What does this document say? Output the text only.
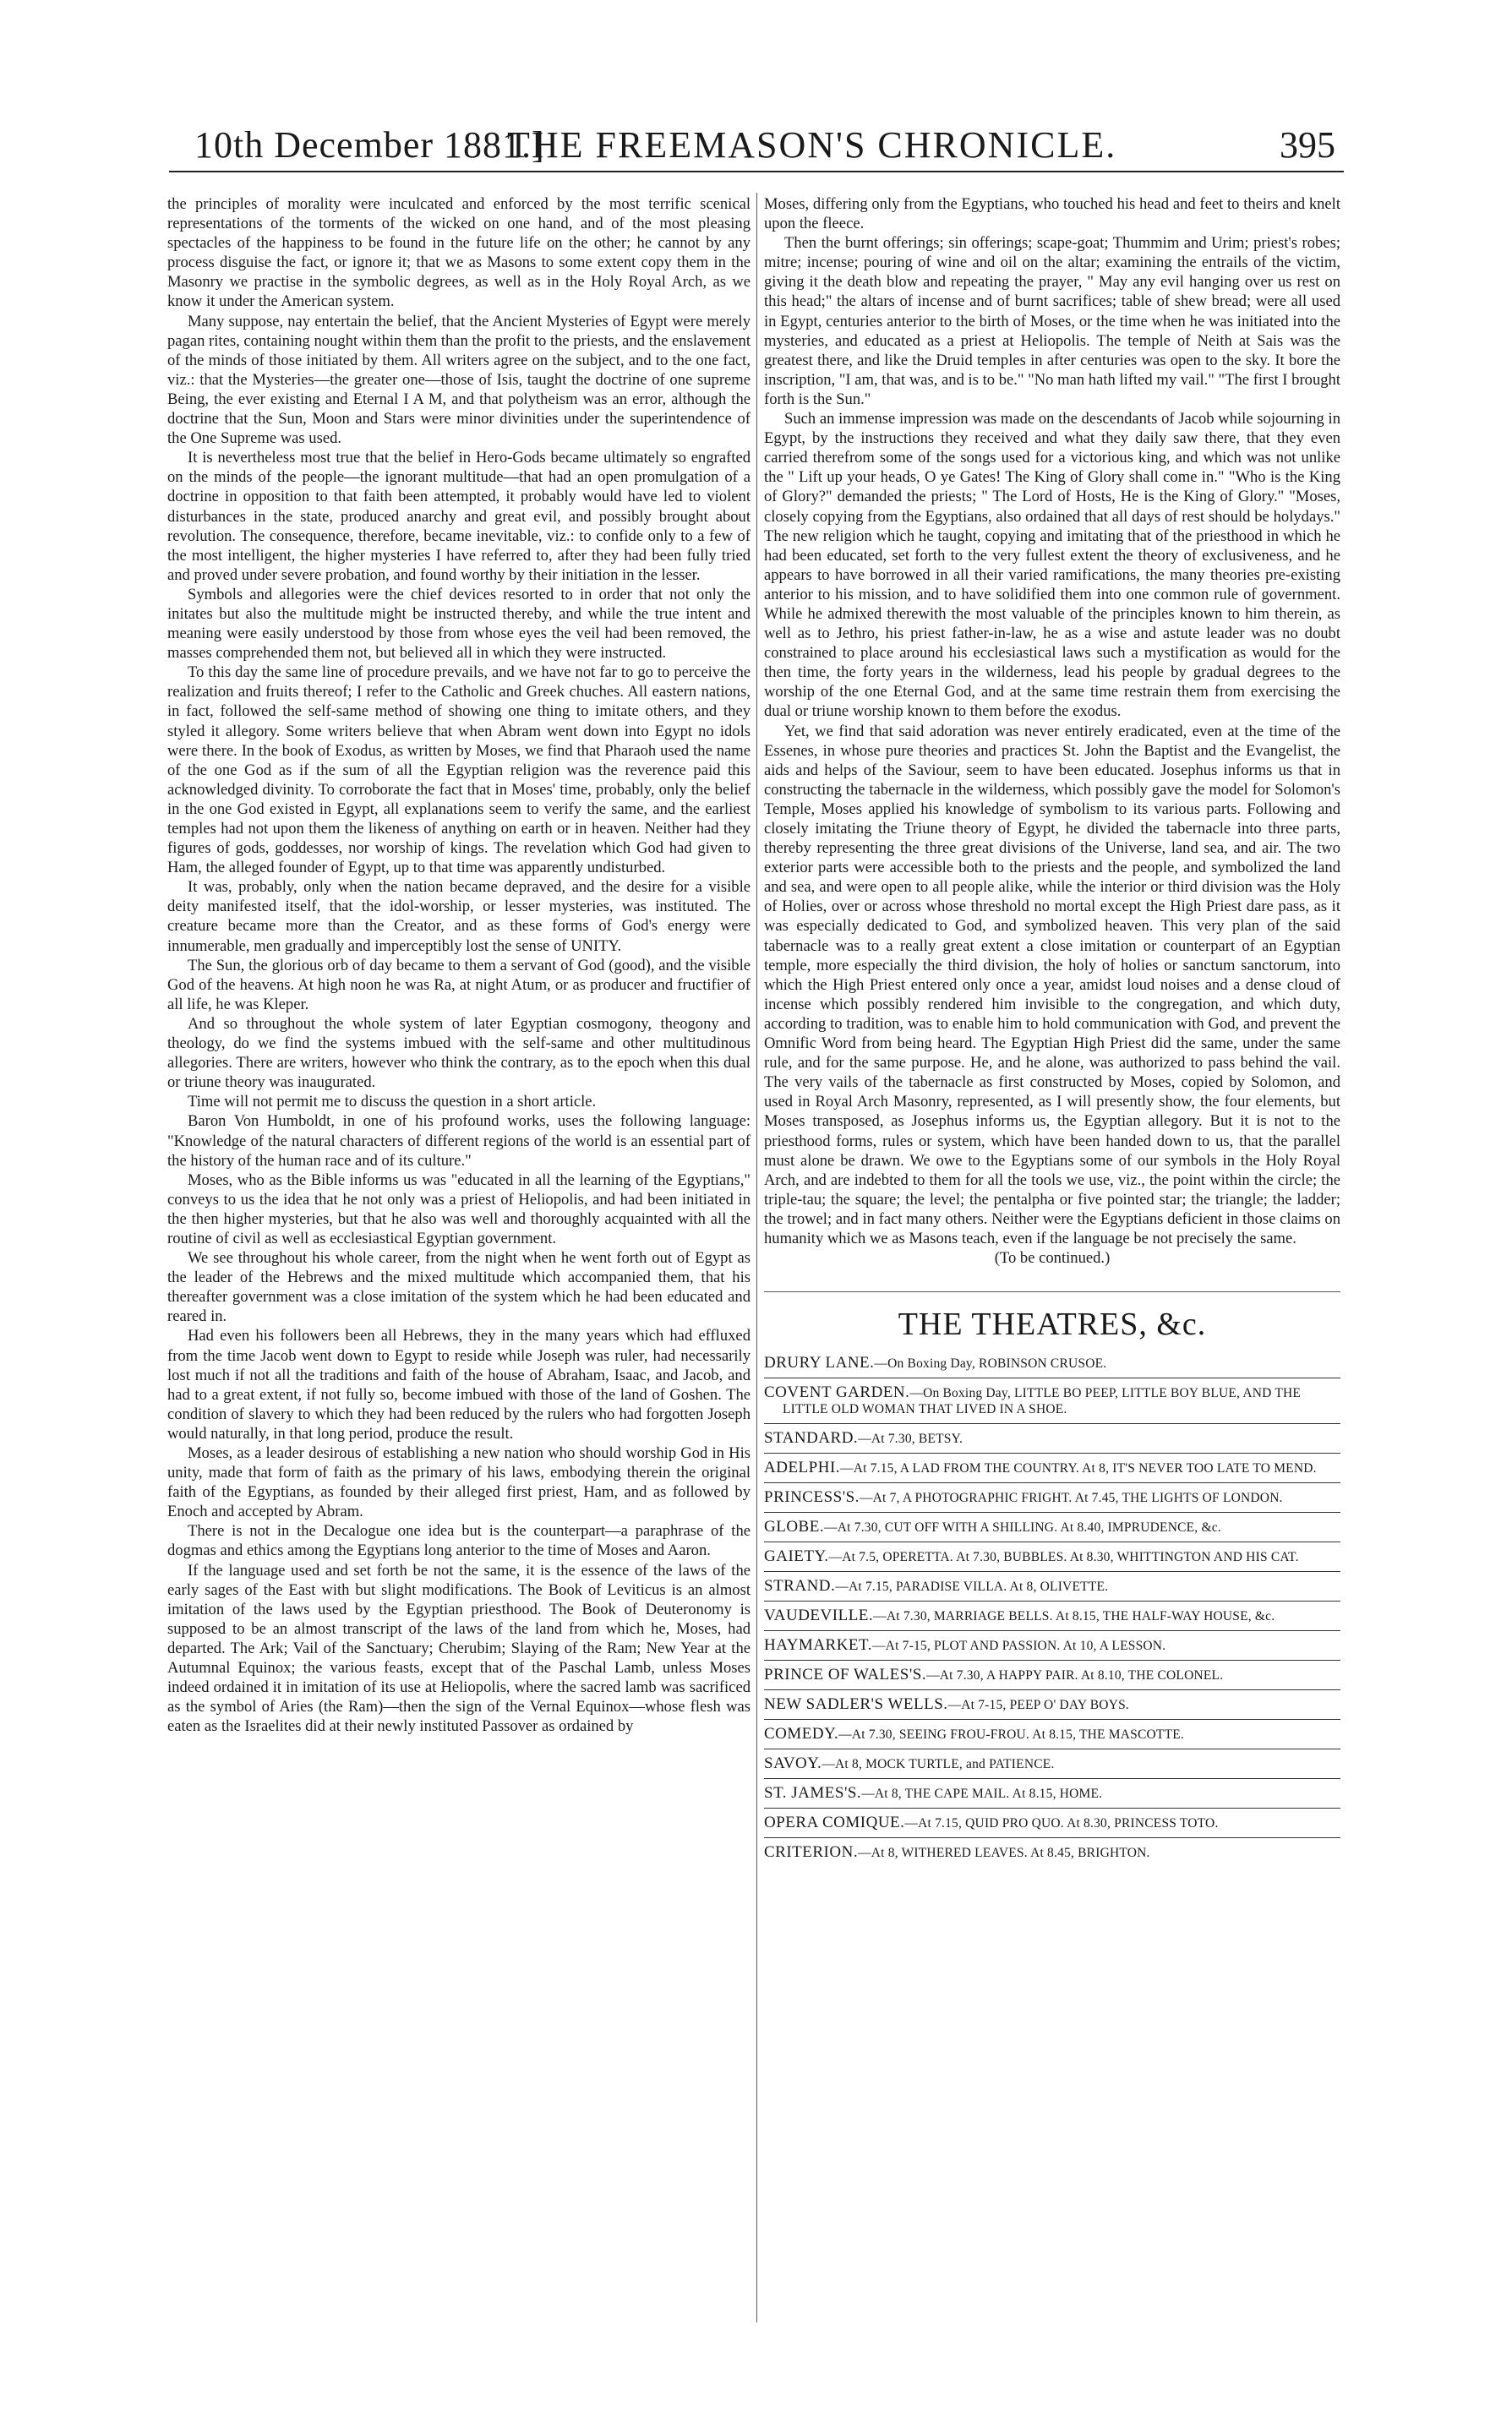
10th December 1881.]
THE FREEMASON'S CHRONICLE.	395

the principles of morality were inculcated and enforced by the most terrific scenical representations of the torments of the wicked on one hand, and of the most pleasing spectacles of the happiness to be found in the future life on the other; he cannot by any process disguise the fact, or ignore it; that we as Masons to some extent copy them in the Masonry we practise in the symbolic degrees, as well as in the Holy Royal Arch, as we know it under the American system.

Many suppose, nay entertain the belief, that the Ancient Mysteries of Egypt were merely pagan rites, containing nought within them than the profit to the priests, and the enslavement of the minds of those initiated by them. All writers agree on the subject, and to the one fact, viz.: that the Mysteries—the greater one—those of Isis, taught the doctrine of one supreme Being, the ever existing and Eternal I A M, and that polytheism was an error, although the doctrine that the Sun, Moon and Stars were minor divinities under the superintendence of the One Supreme was used.

It is nevertheless most true that the belief in Hero-Gods became ultimately so engrafted on the minds of the people—the ignorant multitude—that had an open promulgation of a doctrine in opposition to that faith been attempted, it probably would have led to violent disturbances in the state, produced anarchy and great evil, and possibly brought about revolution. The consequence, therefore, became inevitable, viz.: to confide only to a few of the most intelligent, the higher mysteries I have referred to, after they had been fully tried and proved under severe probation, and found worthy by their initiation in the lesser.

Symbols and allegories were the chief devices resorted to in order that not only the initates but also the multitude might be instructed thereby, and while the true intent and meaning were easily understood by those from whose eyes the veil had been removed, the masses comprehended them not, but believed all in which they were instructed.

To this day the same line of procedure prevails, and we have not far to go to perceive the realization and fruits thereof; I refer to the Catholic and Greek chuches. All eastern nations, in fact, followed the self-same method of showing one thing to imitate others, and they styled it allegory. Some writers believe that when Abram went down into Egypt no idols were there. In the book of Exodus, as written by Moses, we find that Pharaoh used the name of the one God as if the sum of all the Egyptian religion was the reverence paid this acknowledged divinity. To corroborate the fact that in Moses' time, probably, only the belief in the one God existed in Egypt, all explanations seem to verify the same, and the earliest temples had not upon them the likeness of anything on earth or in heaven. Neither had they figures of gods, goddesses, nor worship of kings. The revelation which God had given to Ham, the alleged founder of Egypt, up to that time was apparently undisturbed.

It was, probably, only when the nation became depraved, and the desire for a visible deity manifested itself, that the idol-worship, or lesser mysteries, was instituted. The creature became more than the Creator, and as these forms of God's energy were innumerable, men gradually and imperceptibly lost the sense of UNITY.

The Sun, the glorious orb of day became to them a servant of God (good), and the visible God of the heavens. At high noon he was Ra, at night Atum, or as producer and fructifier of all life, he was Kleper.

And so throughout the whole system of later Egyptian cosmogony, theogony and theology, do we find the systems imbued with the self-same and other multitudinous allegories. There are writers, however who think the contrary, as to the epoch when this dual or triune theory was inaugurated.

Time will not permit me to discuss the question in a short article.

Baron Von Humboldt, in one of his profound works, uses the following language: "Knowledge of the natural characters of different regions of the world is an essential part of the history of the human race and of its culture."

Moses, who as the Bible informs us was "educated in all the learning of the Egyptians," conveys to us the idea that he not only was a priest of Heliopolis, and had been initiated in the then higher mysteries, but that he also was well and thoroughly acquainted with all the routine of civil as well as ecclesiastical Egyptian government.

We see throughout his whole career, from the night when he went forth out of Egypt as the leader of the Hebrews and the mixed multitude which accompanied them, that his thereafter government was a close imitation of the system which he had been educated and reared in.

Had even his followers been all Hebrews, they in the many years which had effluxed from the time Jacob went down to Egypt to reside while Joseph was ruler, had necessarily lost much if not all the traditions and faith of the house of Abraham, Isaac, and Jacob, and had to a great extent, if not fully so, become imbued with those of the land of Goshen. The condition of slavery to which they had been reduced by the rulers who had forgotten Joseph would naturally, in that long period, produce the result.

Moses, as a leader desirous of establishing a new nation who should worship God in His unity, made that form of faith as the primary of his laws, embodying therein the original faith of the Egyptians, as founded by their alleged first priest, Ham, and as followed by Enoch and accepted by Abram.

There is not in the Decalogue one idea but is the counterpart—a paraphrase of the dogmas and ethics among the Egyptians long anterior to the time of Moses and Aaron.

If the language used and set forth be not the same, it is the essence of the laws of the early sages of the East with but slight modifications. The Book of Leviticus is an almost imitation of the laws used by the Egyptian priesthood. The Book of Deuteronomy is supposed to be an almost transcript of the laws of the land from which he, Moses, had departed. The Ark; Vail of the Sanctuary; Cherubim; Slaying of the Ram; New Year at the Autumnal Equinox; the various feasts, except that of the Paschal Lamb, unless Moses indeed ordained it in imitation of its use at Heliopolis, where the sacred lamb was sacrificed as the symbol of Aries (the Ram)—then the sign of the Vernal Equinox—whose flesh was eaten as the Israelites did at their newly instituted Passover as ordained by

Moses, differing only from the Egyptians, who touched his head and feet to theirs and knelt upon the fleece.

Then the burnt offerings; sin offerings; scape-goat; Thummim and Urim; priest's robes; mitre; incense; pouring of wine and oil on the altar; examining the entrails of the victim, giving it the death blow and repeating the prayer, " May any evil hanging over us rest on this head;" the altars of incense and of burnt sacrifices; table of shew bread; were all used in Egypt, centuries anterior to the birth of Moses, or the time when he was initiated into the mysteries, and educated as a priest at Heliopolis. The temple of Neith at Sais was the greatest there, and like the Druid temples in after centuries was open to the sky. It bore the inscription, "I am, that was, and is to be." "No man hath lifted my vail." "The first I brought forth is the Sun."

Such an immense impression was made on the descendants of Jacob while sojourning in Egypt, by the instructions they received and what they daily saw there, that they even carried therefrom some of the songs used for a victorious king, and which was not unlike the " Lift up your heads, O ye Gates! The King of Glory shall come in." "Who is the King of Glory?" demanded the priests; " The Lord of Hosts, He is the King of Glory." "Moses, closely copying from the Egyptians, also ordained that all days of rest should be holydays." The new religion which he taught, copying and imitating that of the priesthood in which he had been educated, set forth to the very fullest extent the theory of exclusiveness, and he appears to have borrowed in all their varied ramifications, the many theories pre-existing anterior to his mission, and to have solidified them into one common rule of government. While he admixed therewith the most valuable of the principles known to him therein, as well as to Jethro, his priest father-in-law, he as a wise and astute leader was no doubt constrained to place around his ecclesiastical laws such a mystification as would for the then time, the forty years in the wilderness, lead his people by gradual degrees to the worship of the one Eternal God, and at the same time restrain them from exercising the dual or triune worship known to them before the exodus.

Yet, we find that said adoration was never entirely eradicated, even at the time of the Essenes, in whose pure theories and practices St. John the Baptist and the Evangelist, the aids and helps of the Saviour, seem to have been educated. Josephus informs us that in constructing the tabernacle in the wilderness, which possibly gave the model for Solomon's Temple, Moses applied his knowledge of symbolism to its various parts. Following and closely imitating the Triune theory of Egypt, he divided the tabernacle into three parts, thereby representing the three great divisions of the Universe, land sea, and air. The two exterior parts were accessible both to the priests and the people, and symbolized the land and sea, and were open to all people alike, while the interior or third division was the Holy of Holies, over or across whose threshold no mortal except the High Priest dare pass, as it was especially dedicated to God, and symbolized heaven. This very plan of the said tabernacle was to a really great extent a close imitation or counterpart of an Egyptian temple, more especially the third division, the holy of holies or sanctum sanctorum, into which the High Priest entered only once a year, amidst loud noises and a dense cloud of incense which possibly rendered him invisible to the congregation, and which duty, according to tradition, was to enable him to hold communication with God, and prevent the Omnific Word from being heard. The Egyptian High Priest did the same, under the same rule, and for the same purpose. He, and he alone, was authorized to pass behind the vail. The very vails of the tabernacle as first constructed by Moses, copied by Solomon, and used in Royal Arch Masonry, represented, as I will presently show, the four elements, but Moses transposed, as Josephus informs us, the Egyptian allegory. But it is not to the priesthood forms, rules or system, which have been handed down to us, that the parallel must alone be drawn. We owe to the Egyptians some of our symbols in the Holy Royal Arch, and are indebted to them for all the tools we use, viz., the point within the circle; the triple-tau; the square; the level; the pentalpha or five pointed star; the triangle; the ladder; the trowel; and in fact many others. Neither were the Egyptians deficient in those claims on humanity which we as Masons teach, even if the language be not precisely the same.

(To be continued.)

THE THEATRES, &c.
DRURY LANE.—On Boxing Day, ROBINSON CRUSOE.
COVENT GARDEN.—On Boxing Day, LITTLE BO PEEP, LITTLE BOY BLUE, AND THE LITTLE OLD WOMAN THAT LIVED IN A SHOE.
STANDARD.—At 7.30, BETSY.
ADELPHI.—At 7.15, A LAD FROM THE COUNTRY. At 8, IT'S NEVER TOO LATE TO MEND.
PRINCESS'S.—At 7, A PHOTOGRAPHIC FRIGHT. At 7.45, THE LIGHTS OF LONDON.
GLOBE.—At 7.30, CUT OFF WITH A SHILLING. At 8.40, IMPRUDENCE, &c.
GAIETY.—At 7.5, OPERETTA. At 7.30, BUBBLES. At 8.30, WHITTINGTON AND HIS CAT.
STRAND.—At 7.15, PARADISE VILLA. At 8, OLIVETTE.
VAUDEVILLE.—At 7.30, MARRIAGE BELLS. At 8.15, THE HALF-WAY HOUSE, &c.
HAYMARKET.—At 7-15, PLOT AND PASSION. At 10, A LESSON.
PRINCE OF WALES'S.—At 7.30, A HAPPY PAIR. At 8.10, THE COLONEL.
NEW SADLER'S WELLS.—At 7-15, PEEP O' DAY BOYS.
COMEDY.—At 7.30, SEEING FROU-FROU. At 8.15, THE MASCOTTE.
SAVOY.—At 8, MOCK TURTLE, and PATIENCE.
ST. JAMES'S.—At 8, THE CAPE MAIL. At 8.15, HOME.
OPERA COMIQUE.—At 7.15, QUID PRO QUO. At 8.30, PRINCESS TOTO.
CRITERION.—At 8, WITHERED LEAVES. At 8.45, BRIGHTON.
